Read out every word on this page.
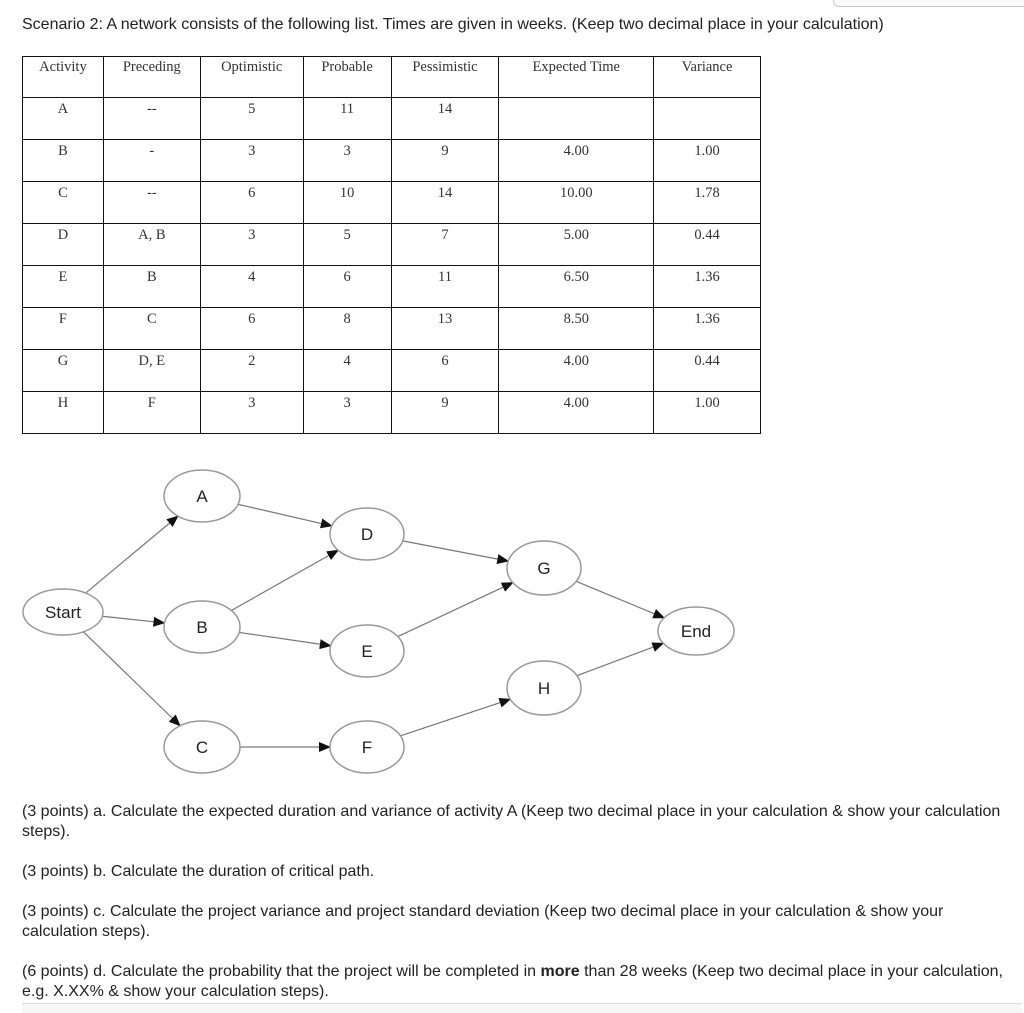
Scenario 2: A network consists of the following list. Times are given in weeks. (Keep two decimal place in your calculation)
Activity	Preceding	Optimistic	Probable	Pessimistic	Expected Time	Variance
A	--	5	11	14		
B	-	3	3	9	4.00	1.00
C	--	6	10	14	10.00	1.78
D	A, B	3	5	7	5.00	0.44
E	B	4	6	11	6.50	1.36
F	C	6	8	13	8.50	1.36
G	D, E	2	4	6	4.00	0.44
H	F	3	3	9	4.00	1.00
Start
A
B
C
D
E
F
G
H
End
(3 points) a. Calculate the expected duration and variance of activity A (Keep two decimal place in your calculation & show your calculation steps).
(3 points) b. Calculate the duration of critical path.
(3 points) c. Calculate the project variance and project standard deviation (Keep two decimal place in your calculation & show your calculation steps).
(6 points) d. Calculate the probability that the project will be completed in more than 28 weeks (Keep two decimal place in your calculation, e.g. X.XX% & show your calculation steps).
